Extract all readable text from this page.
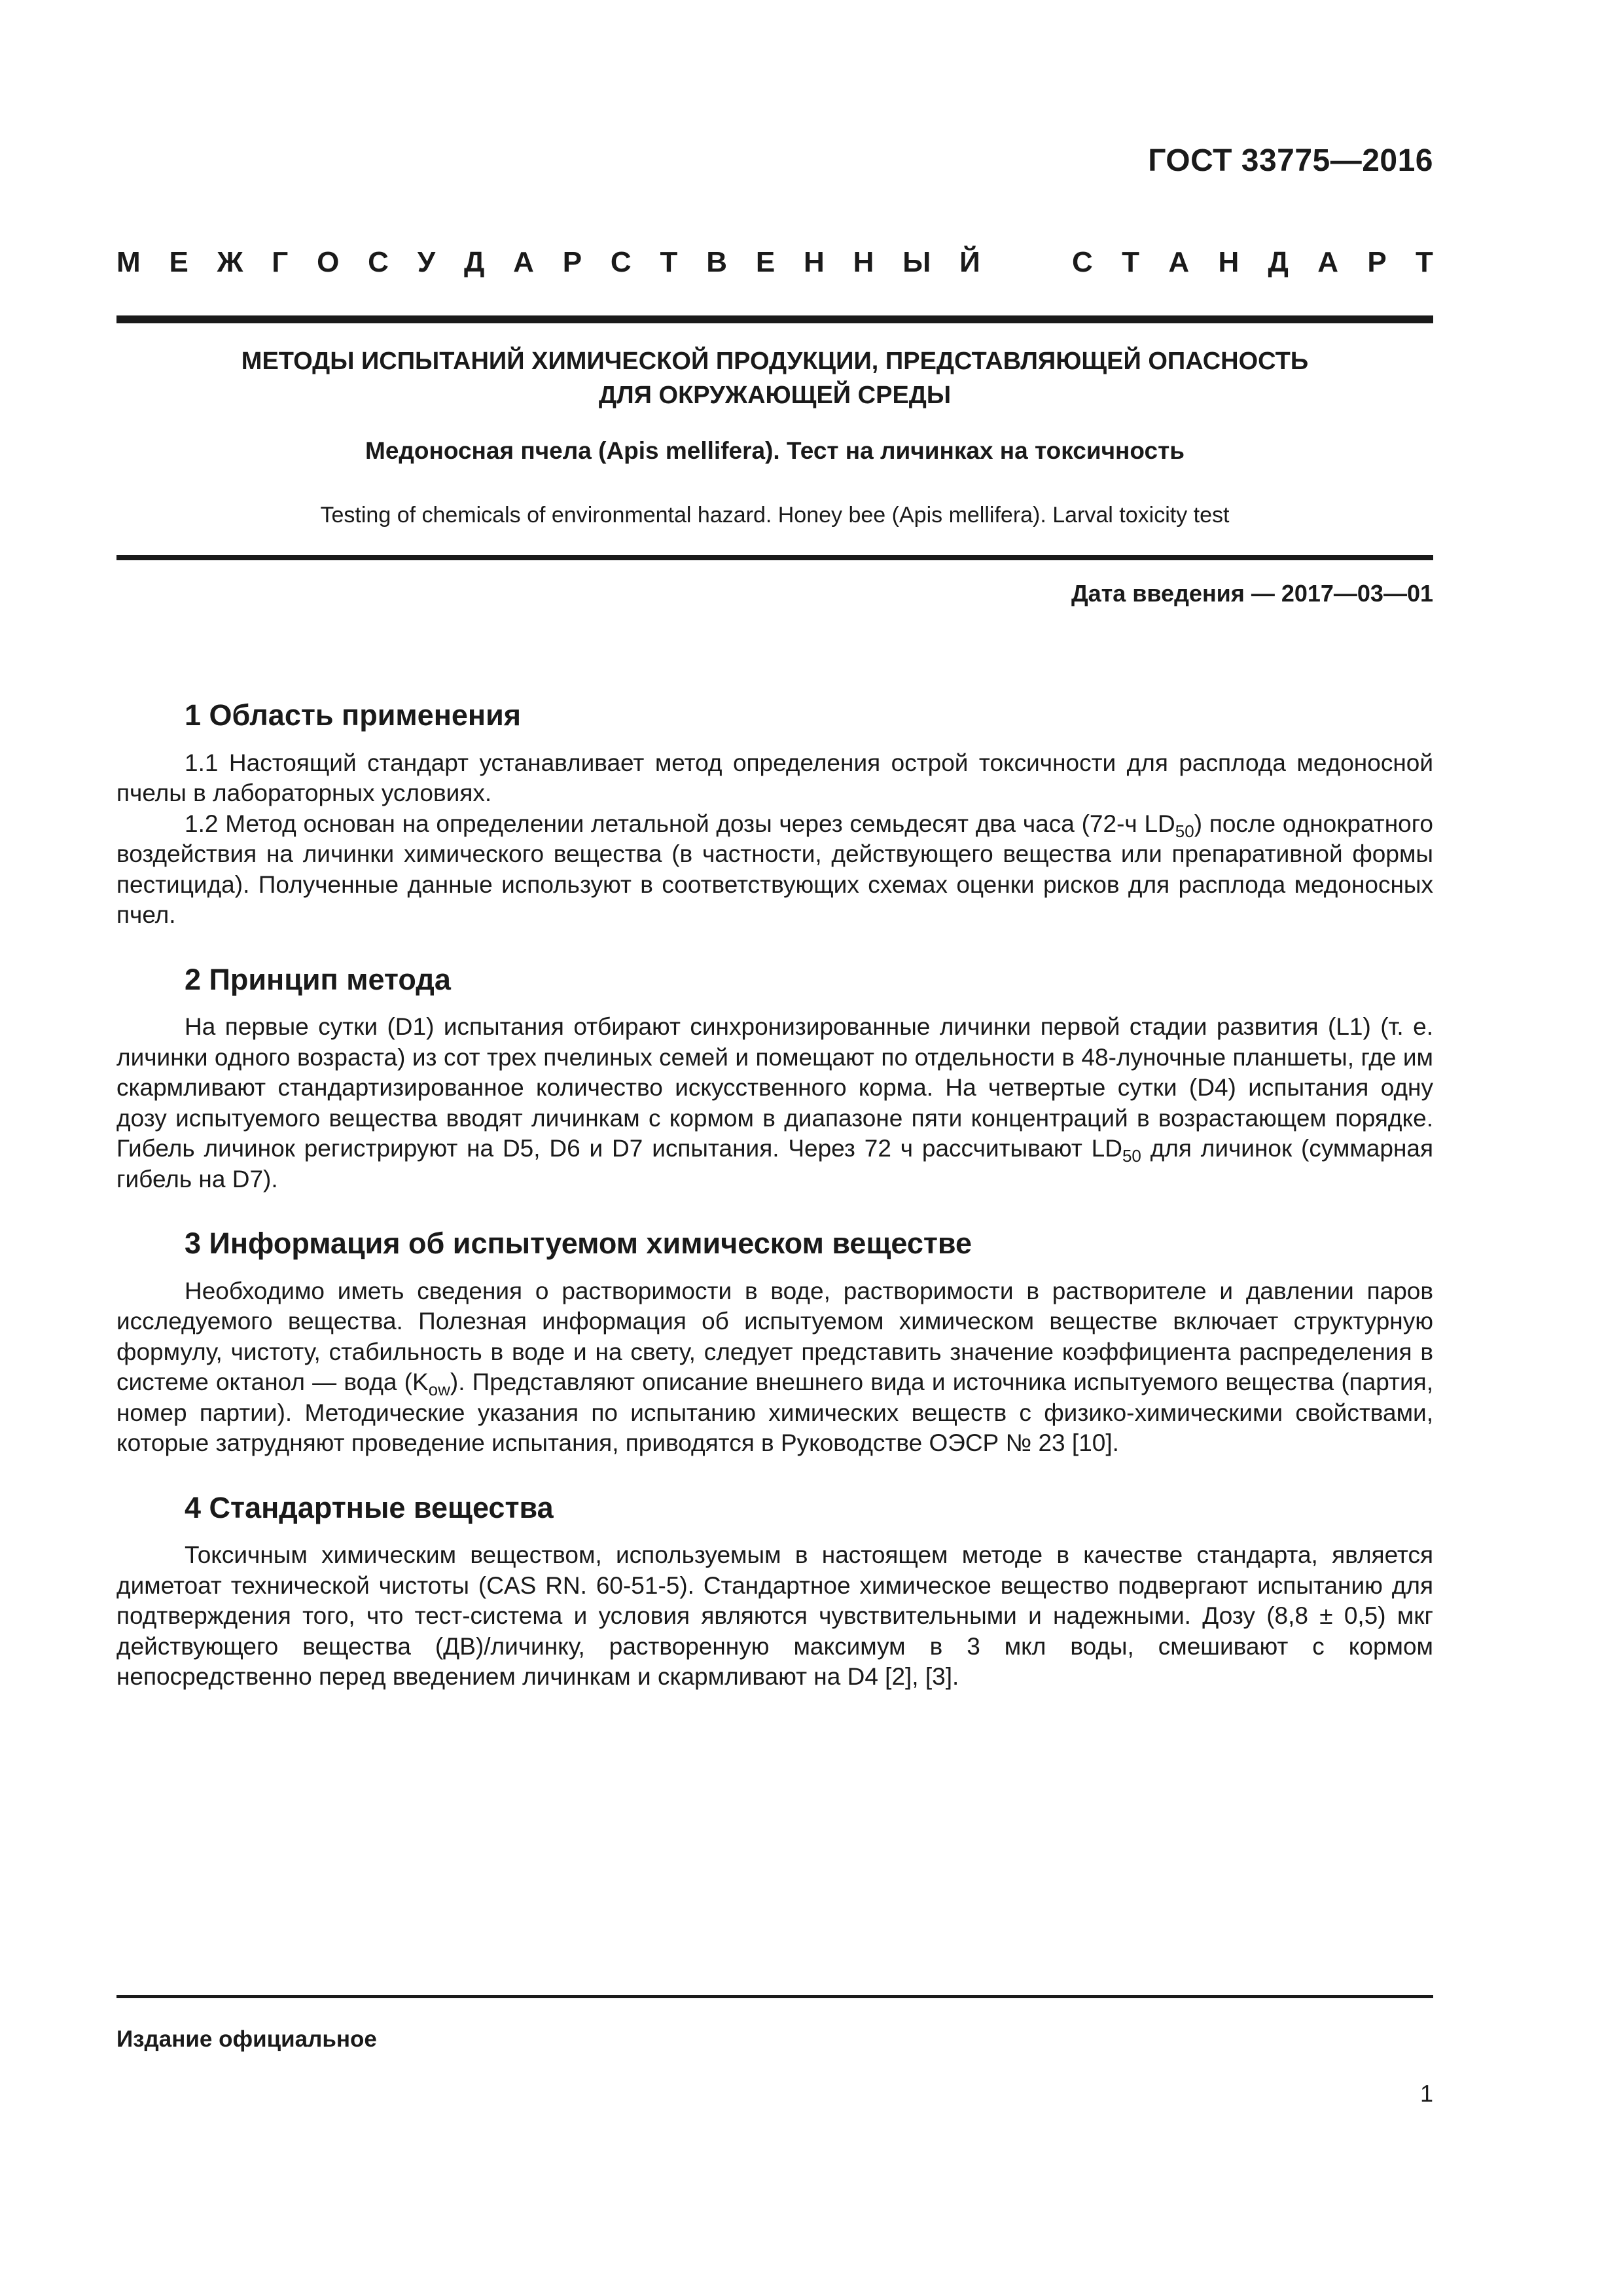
ГОСТ 33775—2016
М Е Ж Г О С У Д А Р С Т В Е Н Н Ы Й	С Т А Н Д А Р Т
МЕТОДЫ ИСПЫТАНИЙ ХИМИЧЕСКОЙ ПРОДУКЦИИ, ПРЕДСТАВЛЯЮЩЕЙ ОПАСНОСТЬ
ДЛЯ ОКРУЖАЮЩЕЙ СРЕДЫ
Медоносная пчела (Apis mellifera). Тест на личинках на токсичность
Testing of chemicals of environmental hazard. Honey bee (Apis mellifera). Larval toxicity test
Дата введения — 2017—03—01
1 Область применения

1.1 Настоящий стандарт устанавливает метод определения острой токсичности для расплода медоносной пчелы в лабораторных условиях.

1.2 Метод основан на определении летальной дозы через семьдесят два часа (72-ч $LD_{50}$) после однократного воздействия на личинки химического вещества (в частности, действующего вещества или препаративной формы пестицида). Полученные данные используют в соответствующих схемах оценки рисков для расплода медоносных пчел.

2 Принцип метода

На первые сутки (D1) испытания отбирают синхронизированные личинки первой стадии развития (L1) (т. е. личинки одного возраста) из сот трех пчелиных семей и помещают по отдельности в 48-луночные планшеты, где им скармливают стандартизированное количество искусственного корма. На четвертые сутки (D4) испытания одну дозу испытуемого вещества вводят личинкам с кормом в диапазоне пяти концентраций в возрастающем порядке. Гибель личинок регистрируют на D5, D6 и D7 испытания. Через 72 ч рассчитывают $LD_{50}$ для личинок (суммарная гибель на D7).

3 Информация об испытуемом химическом веществе

Необходимо иметь сведения о растворимости в воде, растворимости в растворителе и давлении паров исследуемого вещества. Полезная информация об испытуемом химическом веществе включает структурную формулу, чистоту, стабильность в воде и на свету, следует представить значение коэффициента распределения в системе октанол — вода $(K_{ow})$. Представляют описание внешнего вида и источника испытуемого вещества (партия, номер партии). Методические указания по испытанию химических веществ с физико-химическими свойствами, которые затрудняют проведение испытания, приводятся в Руководстве ОЭСР № 23 [10].

4 Стандартные вещества

Токсичным химическим веществом, используемым в настоящем методе в качестве стандарта, является диметоат технической чистоты (CAS RN. 60-51-5). Стандартное химическое вещество подвергают испытанию для подтверждения того, что тест-система и условия являются чувствительными и надежными. Дозу (8,8 ± 0,5) мкг действующего вещества (ДВ)/личинку, растворенную максимум в 3 мкл воды, смешивают с кормом непосредственно перед введением личинкам и скармливают на D4 [2], [3].

Издание официальное
1
